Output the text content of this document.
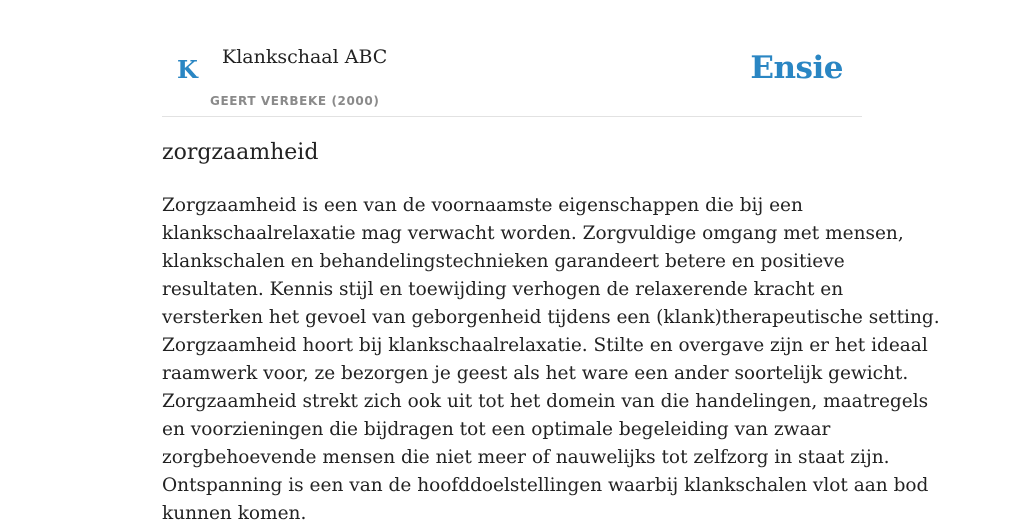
K Klankschaal ABC
GEERT VERBEKE (2000)
Ensie
zorgzaamheid

Zorgzaamheid is een van de voornaamste eigenschappen die bij een
klankschaalrelaxatie mag verwacht worden. Zorgvuldige omgang met mensen,
klankschalen en behandelingstechnieken garandeert betere en positieve
resultaten. Kennis stijl en toewijding verhogen de relaxerende kracht en
versterken het gevoel van geborgenheid tijdens een (klank)therapeutische setting.
Zorgzaamheid hoort bij klankschaalrelaxatie. Stilte en overgave zijn er het ideaal
raamwerk voor, ze bezorgen je geest als het ware een ander soortelijk gewicht.
Zorgzaamheid strekt zich ook uit tot het domein van die handelingen, maatregels
en voorzieningen die bijdragen tot een optimale begeleiding van zwaar
zorgbehoevende mensen die niet meer of nauwelijks tot zelfzorg in staat zijn.
Ontspanning is een van de hoofddoelstellingen waarbij klankschalen vlot aan bod
kunnen komen.
